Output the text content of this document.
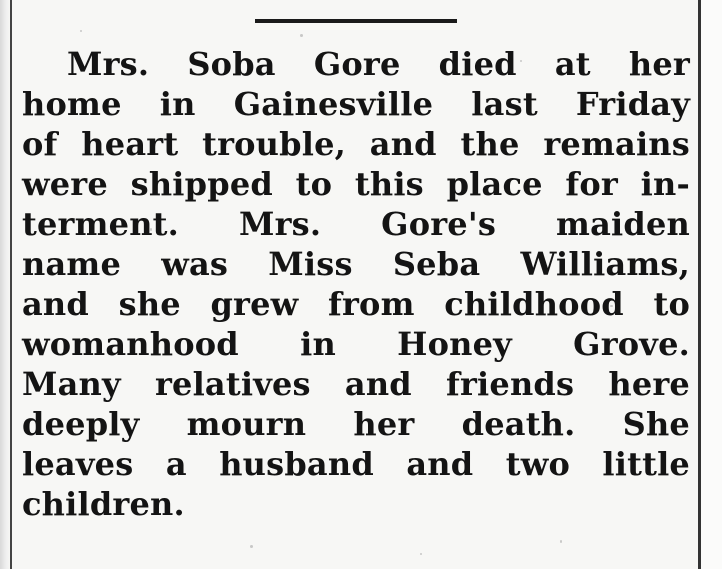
Mrs. Soba Gore died at her
home in Gainesville last Friday
of heart trouble, and the remains
were shipped to this place for in-
terment. Mrs. Gore's maiden
name was Miss Seba Williams,
and she grew from childhood to
womanhood in Honey Grove.
Many relatives and friends here
deeply mourn her death. She
leaves a husband and two little
children.
